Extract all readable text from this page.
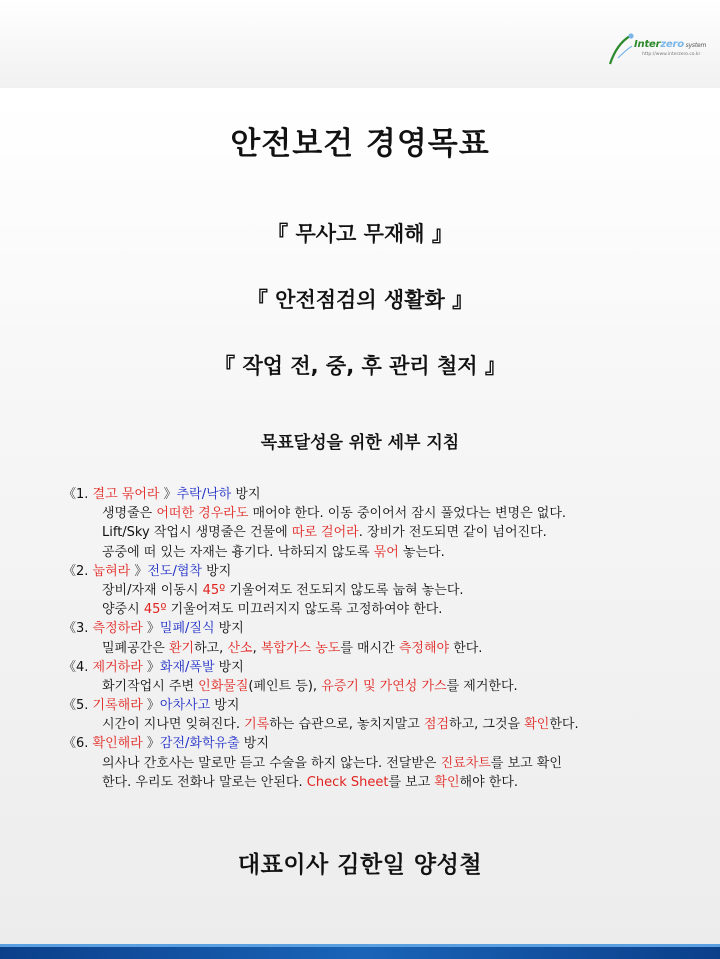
Interzero system
http://www.interzero.co.kr
안전보건 경영목표
『 무사고 무재해 』
『 안전점검의 생활화 』
『 작업 전, 중, 후 관리 철저 』
목표달성을 위한 세부 지침
《1. 결고 묶어라 》추락/낙하 방지
생명줄은 어떠한 경우라도 매어야 한다. 이동 중이어서 잠시 풀었다는 변명은 없다.
Lift/Sky 작업시 생명줄은 건물에 따로 걸어라. 장비가 전도되면 같이 넘어진다.
공중에 떠 있는 자재는 흉기다. 낙하되지 않도록 묶어 놓는다.
《2. 눕혀라 》전도/협착 방지
장비/자재 이동시 45º 기울어져도 전도되지 않도록 눕혀 놓는다.
양중시 45º 기울어져도 미끄러지지 않도록 고정하여야 한다.
《3. 측정하라 》밀폐/질식 방지
밀폐공간은 환기하고, 산소, 복합가스 농도를 매시간 측정해야 한다.
《4. 제거하라 》화재/폭발 방지
화기작업시 주변 인화물질(페인트 등), 유증기 및 가연성 가스를 제거한다.
《5. 기록해라 》아차사고 방지
시간이 지나면 잊혀진다. 기록하는 습관으로, 놓치지말고 점검하고, 그것을 확인한다.
《6. 확인해라 》감전/화학유출 방지
의사나 간호사는 말로만 듣고 수술을 하지 않는다. 전달받은 진료차트를 보고 확인
한다. 우리도 전화나 말로는 안된다. Check Sheet를 보고 확인해야 한다.
대표이사 김한일 양성철
